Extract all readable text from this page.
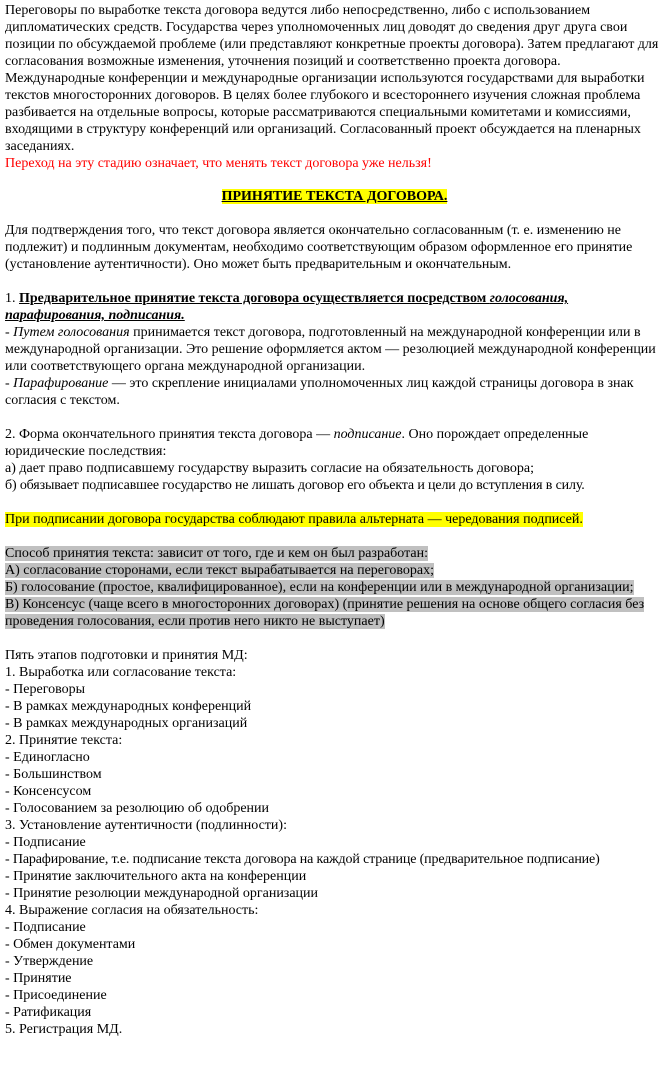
Переговоры по выработке текста договора ведутся либо непосредственно, либо с использованием дипломатических средств. Государства через уполномоченных лиц доводят до сведения друг друга свои позиции по обсуждаемой проблеме (или представляют конкретные проекты договора). Затем предлагают для согласования возможные изменения, уточнения позиций и соответственно проекта договора.

Международные конференции и международные организации используются государствами для выработки текстов многосторонних договоров. В целях более глубокого и всестороннего изучения сложная проблема разбивается на отдельные вопросы, которые рассматриваются специальными комитетами и комиссиями, входящими в структуру конференций или организаций. Согласованный проект обсуждается на пленарных заседаниях.

Переход на эту стадию означает, что менять текст договора уже нельзя!

ПРИНЯТИЕ ТЕКСТА ДОГОВОРА.

Для подтверждения того, что текст договора является окончательно согласованным (т. е. изменению не подлежит) и подлинным документам, необходимо соответствующим образом оформленное его принятие (установление аутентичности). Оно может быть предварительным и окончательным.

1. Предварительное принятие текста договора осуществляется посредством голосования, парафирования, подписания.

- Путем голосования принимается текст договора, подготовленный на международной конференции или в международной организации. Это решение оформляется актом — резолюцией международной конференции или соответствующего органа международной организации.

- Парафирование — это скрепление инициалами уполномоченных лиц каждой страницы договора в знак согласия с текстом.

2. Форма окончательного принятия текста договора — подписание. Оно порождает определенные юридические последствия:

а) дает право подписавшему государству выразить согласие на обязательность договора;

б) обязывает подписавшее государство не лишать договор его объекта и цели до вступления в силу.

При подписании договора государства соблюдают правила альтерната — чередования подписей.

Способ принятия текста: зависит от того, где и кем он был разработан:

А) согласование сторонами, если текст вырабатывается на переговорах;

Б) голосование (простое, квалифицированное), если на конференции или в международной организации;

В) Консенсус (чаще всего в многосторонних договорах) (принятие решения на основе общего согласия без проведения голосования, если против него никто не выступает)

Пять этапов подготовки и принятия МД:

1. Выработка или согласование текста:

- Переговоры

- В рамках международных конференций

- В рамках международных организаций

2. Принятие текста:

- Единогласно

- Большинством

- Консенсусом

- Голосованием за резолюцию об одобрении

3. Установление аутентичности (подлинности):

- Подписание

- Парафирование, т.е. подписание текста договора на каждой странице (предварительное подписание)

- Принятие заключительного акта на конференции

- Принятие резолюции международной организации

4. Выражение согласия на обязательность:

- Подписание

- Обмен документами

- Утверждение

- Принятие

- Присоединение

- Ратификация

5. Регистрация МД.
